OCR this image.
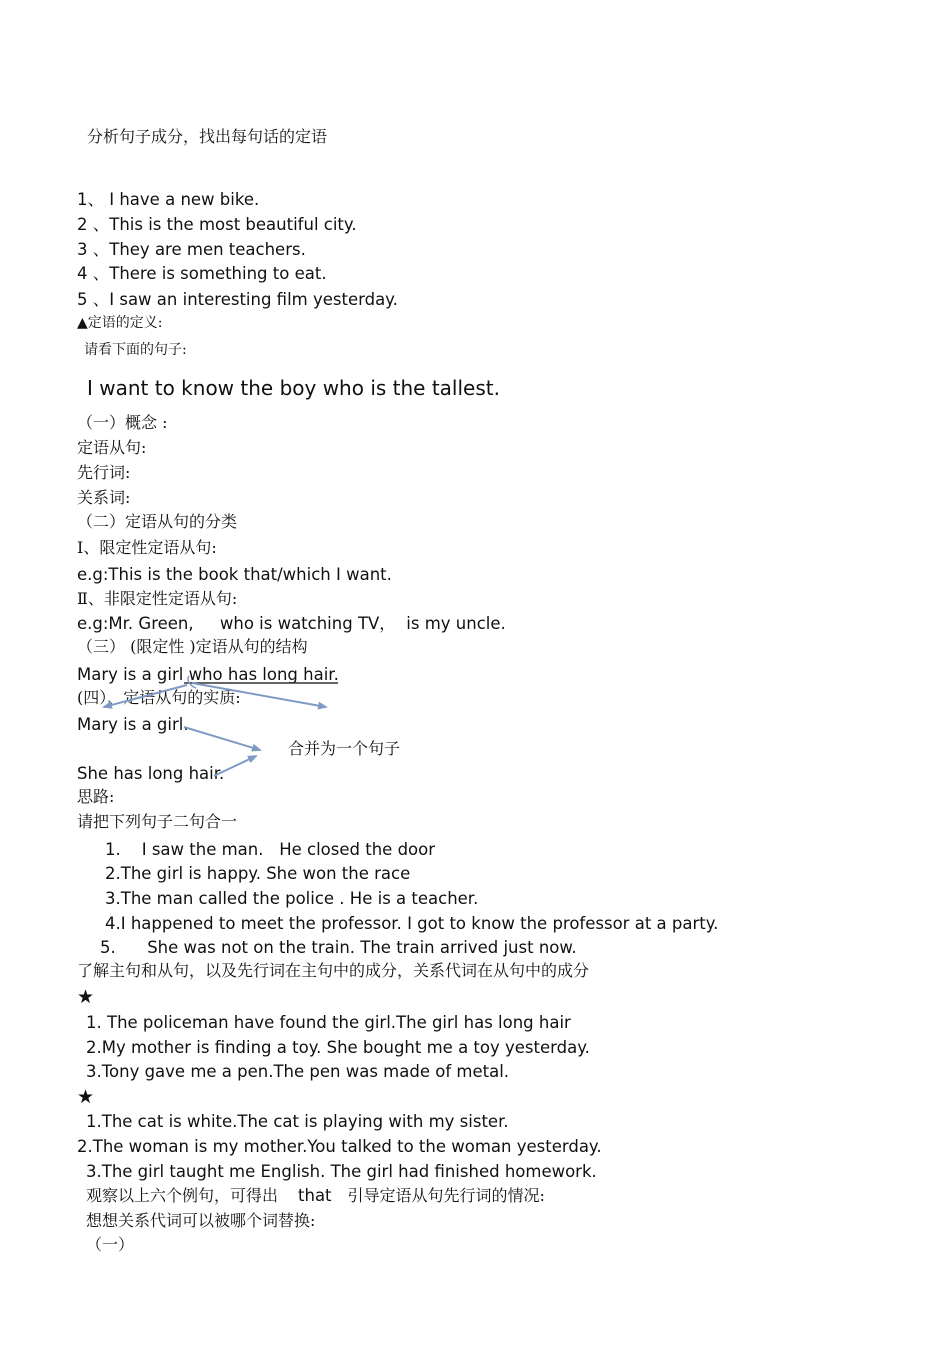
分析句子成分，找出每句话的定语
1、 I have a new bike.
2 、This is the most beautiful city.
3 、They are men teachers.
4 、There is something to eat.
5 、I saw an interesting film yesterday.
▲定语的定义:
请看下面的句子:
I want to know the boy who is the tallest.
（一）概念 :
定语从句:
先行词:
关系词:
（二）定语从句的分类
Ⅰ、限定性定语从句:
e.g:This is the book that/which I want.
Ⅱ、非限定性定语从句:
e.g:Mr. Green,     who is watching TV，  is my uncle.
（三） (限定性 )定语从句的结构
Mary is a girl who has long hair.
(四）、定语从句的实质:
Mary is a girl.
合并为一个句子
She has long hair.
思路:
请把下列句子二句合一
1.    I saw the man.   He closed the door
2.The girl is happy. She won the race
3.The man called the police . He is a teacher.
4.I happened to meet the professor. I got to know the professor at a party.
5.      She was not on the train. The train arrived just now.
了解主句和从句，以及先行词在主句中的成分，关系代词在从句中的成分
★
1. The policeman have found the girl.The girl has long hair
2.My mother is finding a toy. She bought me a toy yesterday.
3.Tony gave me a pen.The pen was made of metal.
★
1.The cat is white.The cat is playing with my sister.
2.The woman is my mother.You talked to the woman yesterday.
3.The girl taught me English. The girl had finished homework.
观察以上六个例句，可得出 that 引导定语从句先行词的情况:
想想关系代词可以被哪个词替换:
（一）
